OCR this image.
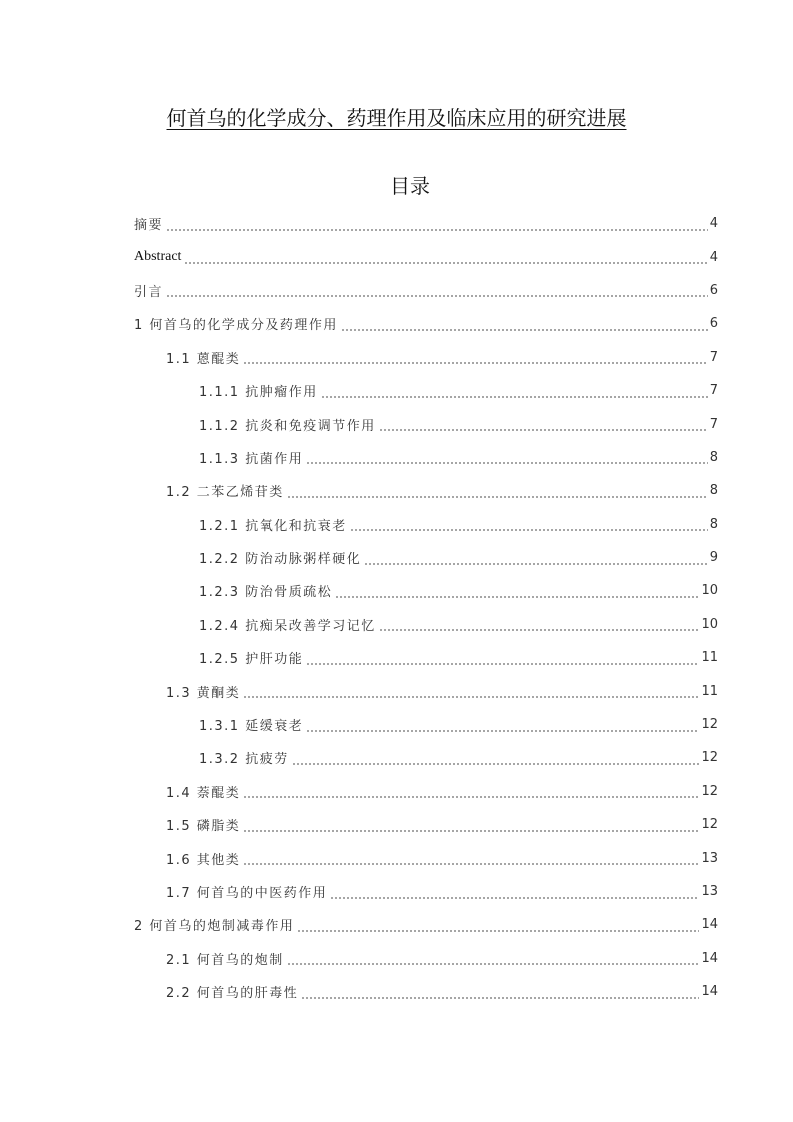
何首乌的化学成分、药理作用及临床应用的研究进展
目录
摘要	4
Abstract	4
引言	6
1 何首乌的化学成分及药理作用	6
1.1 蒽醌类	7
1.1.1 抗肿瘤作用	7
1.1.2 抗炎和免疫调节作用	7
1.1.3 抗菌作用	8
1.2 二苯乙烯苷类	8
1.2.1 抗氧化和抗衰老	8
1.2.2 防治动脉粥样硬化	9
1.2.3 防治骨质疏松	10
1.2.4 抗痴呆改善学习记忆	10
1.2.5 护肝功能	11
1.3 黄酮类	11
1.3.1 延缓衰老	12
1.3.2 抗疲劳	12
1.4 萘醌类	12
1.5 磷脂类	12
1.6 其他类	13
1.7 何首乌的中医药作用	13
2 何首乌的炮制减毒作用	14
2.1 何首乌的炮制	14
2.2 何首乌的肝毒性	14
